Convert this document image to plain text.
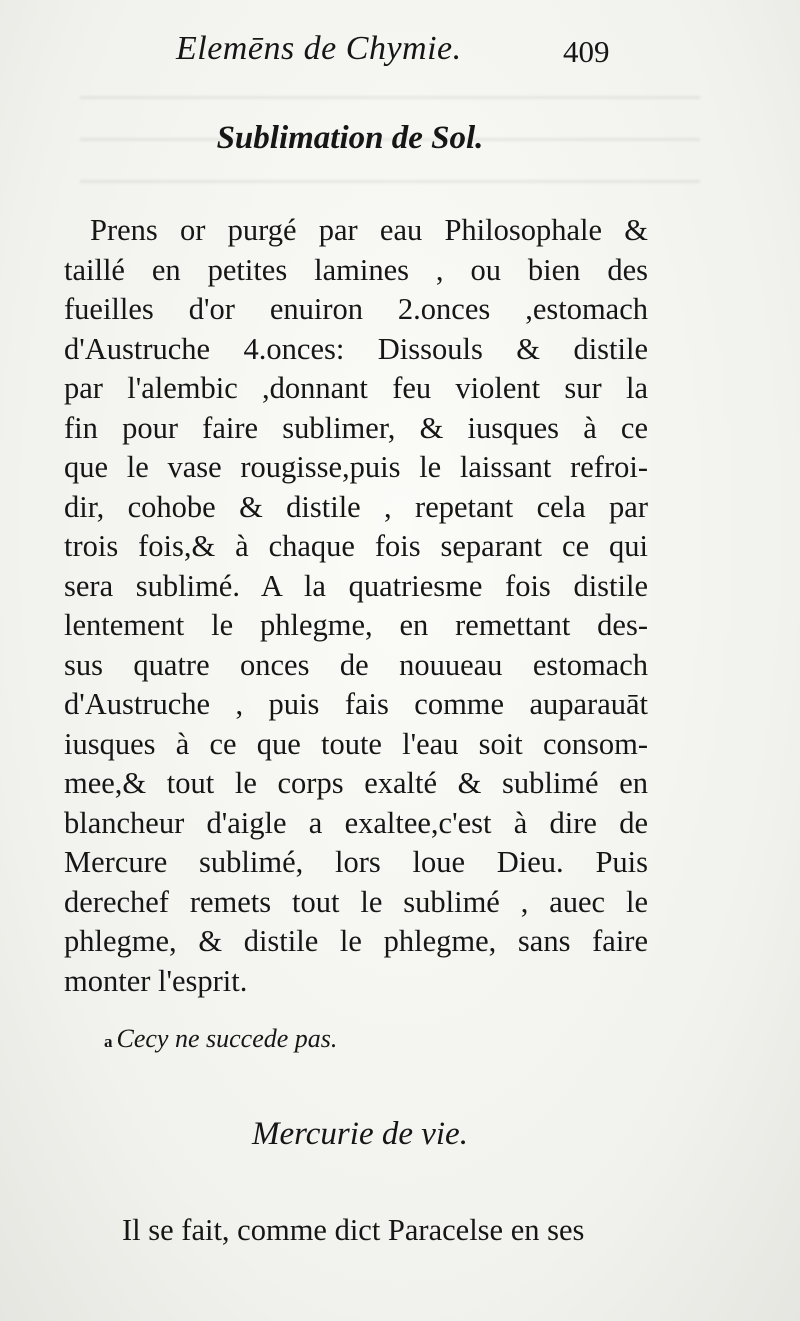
Elemēns de Chymie.	409
Sublimation de Sol.
Prens or purgé par eau Philosophale &
taillé en petites lamines , ou bien des
fueilles d'or enuiron 2.onces ,estomach
d'Austruche 4.onces: Dissouls & distile
par l'alembic ,donnant feu violent sur la
fin pour faire sublimer, & iusques à ce
que le vase rougisse,puis le laissant refroi-
dir, cohobe & distile , repetant cela par
trois fois,& à chaque fois separant ce qui
sera sublimé. A la quatriesme fois distile
lentement le phlegme, en remettant des-
sus quatre onces de nouueau estomach
d'Austruche , puis fais comme auparauāt
iusques à ce que toute l'eau soit consom-
mee,& tout le corps exalté & sublimé en
blancheur d'aigle a exaltee,c'est à dire de
Mercure sublimé, lors loue Dieu. Puis
derechef remets tout le sublimé , auec le
phlegme, & distile le phlegme, sans faire
monter l'esprit.
a Cecy ne succede pas.
Mercurie de vie.
Il se fait, comme dict Paracelse en ses
